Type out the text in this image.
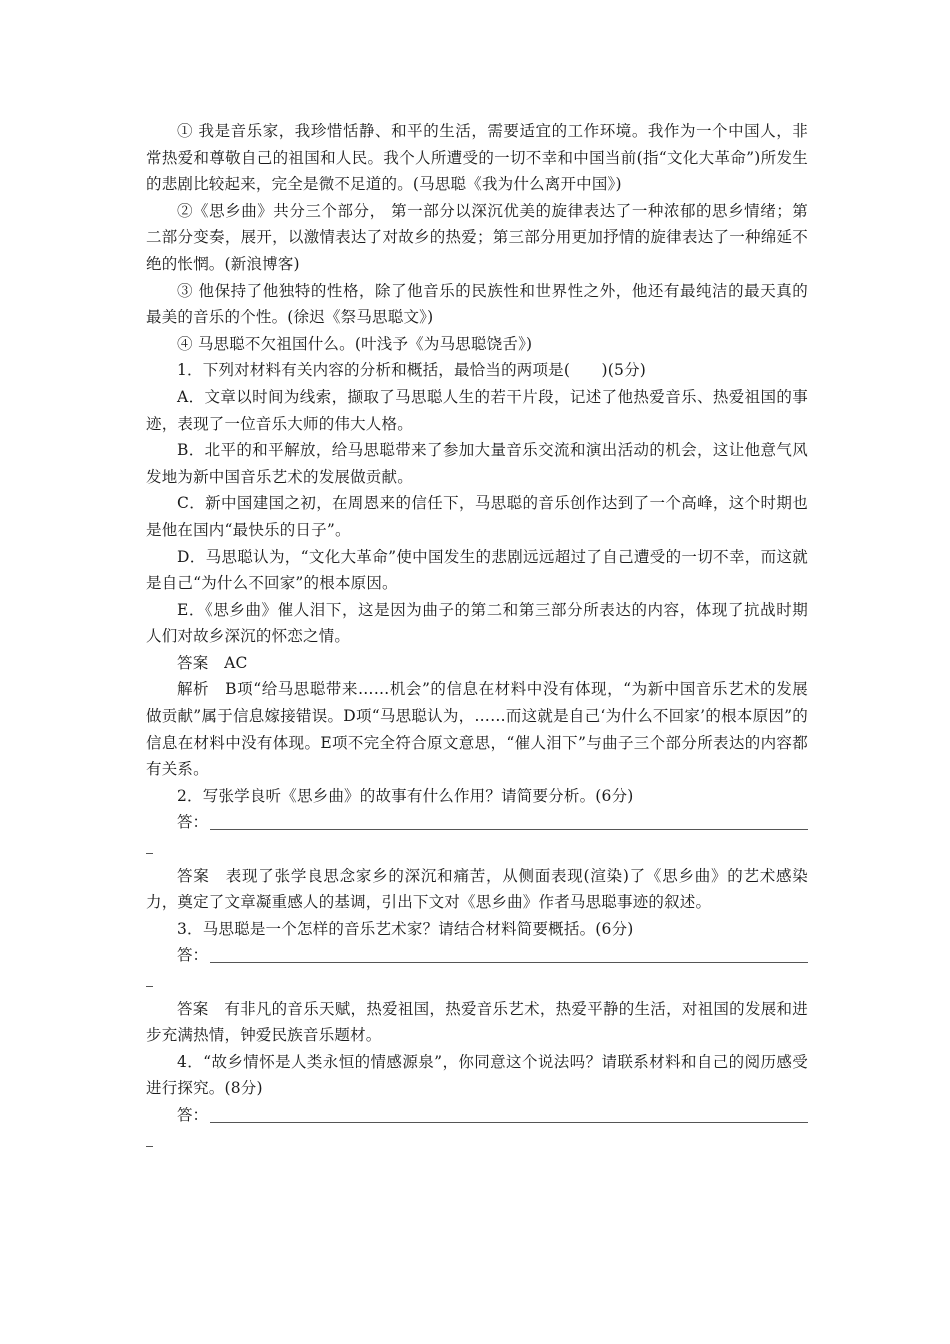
① 我是音乐家，我珍惜恬静、和平的生活，需要适宜的工作环境。我作为一个中国人，非常热爱和尊敬自己的祖国和人民。我个人所遭受的一切不幸和中国当前(指“文化大革命”)所发生的悲剧比较起来，完全是微不足道的。(马思聪《我为什么离开中国》)

②《思乡曲》共分三个部分， 第一部分以深沉优美的旋律表达了一种浓郁的思乡情绪；第二部分变奏，展开，以激情表达了对故乡的热爱；第三部分用更加抒情的旋律表达了一种绵延不绝的怅惘。(新浪博客)

③ 他保持了他独特的性格，除了他音乐的民族性和世界性之外，他还有最纯洁的最天真的最美的音乐的个性。(徐迟《祭马思聪文》)

④ 马思聪不欠祖国什么。(叶浅予《为马思聪饶舌》)

1．下列对材料有关内容的分析和概括，最恰当的两项是(　　)(5分)

A．文章以时间为线索，撷取了马思聪人生的若干片段，记述了他热爱音乐、热爱祖国的事迹，表现了一位音乐大师的伟大人格。

B．北平的和平解放，给马思聪带来了参加大量音乐交流和演出活动的机会，这让他意气风发地为新中国音乐艺术的发展做贡献。

C．新中国建国之初，在周恩来的信任下，马思聪的音乐创作达到了一个高峰，这个时期也是他在国内“最快乐的日子”。

D．马思聪认为，“文化大革命”使中国发生的悲剧远远超过了自己遭受的一切不幸，而这就是自己“为什么不回家”的根本原因。

E．《思乡曲》催人泪下，这是因为曲子的第二和第三部分所表达的内容，体现了抗战时期人们对故乡深沉的怀恋之情。

答案　AC

解析　B项“给马思聪带来……机会”的信息在材料中没有体现，“为新中国音乐艺术的发展做贡献”属于信息嫁接错误。D项“马思聪认为，……而这就是自己‘为什么不回家’的根本原因”的信息在材料中没有体现。E项不完全符合原文意思，“催人泪下”与曲子三个部分所表达的内容都有关系。

2．写张学良听《思乡曲》的故事有什么作用？请简要分析。(6分)

答：

答案　表现了张学良思念家乡的深沉和痛苦，从侧面表现(渲染)了《思乡曲》的艺术感染力，奠定了文章凝重感人的基调，引出下文对《思乡曲》作者马思聪事迹的叙述。

3．马思聪是一个怎样的音乐艺术家？请结合材料简要概括。(6分)

答：

答案　有非凡的音乐天赋，热爱祖国，热爱音乐艺术，热爱平静的生活，对祖国的发展和进步充满热情，钟爱民族音乐题材。

4．“故乡情怀是人类永恒的情感源泉”，你同意这个说法吗？请联系材料和自己的阅历感受进行探究。(8分)

答：
